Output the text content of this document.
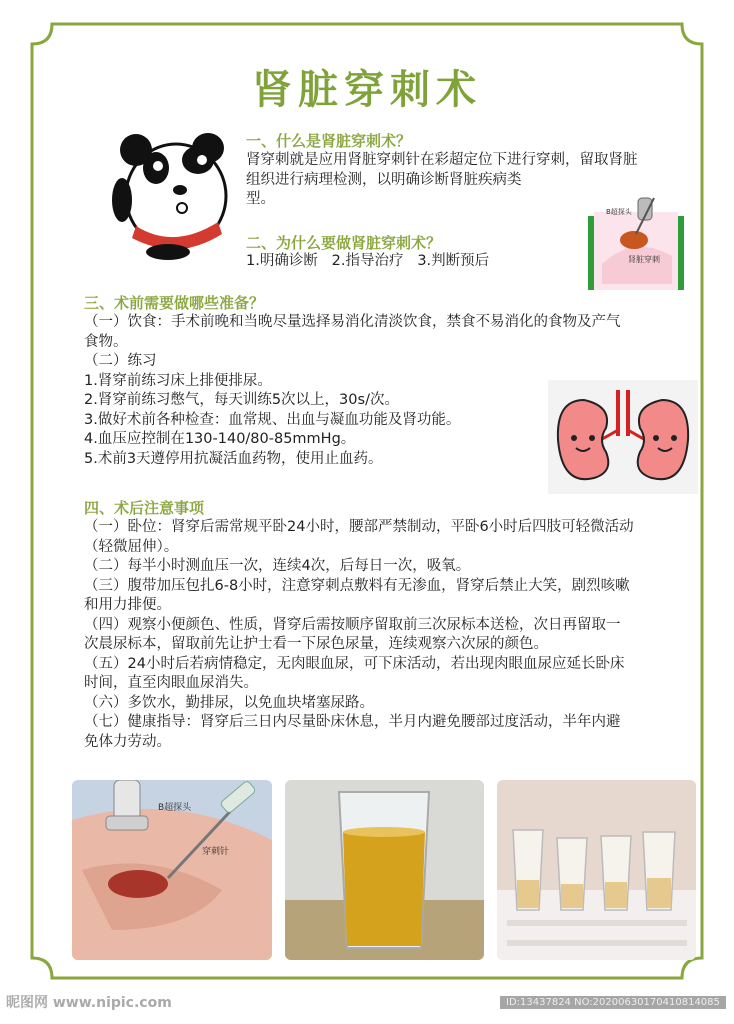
肾脏穿刺术
一、什么是肾脏穿刺术？
肾穿刺就是应用肾脏穿刺针在彩超定位下进行穿刺，留取肾脏
组织进行病理检测，以明确诊断肾脏疾病类
型。
B超探头
肾脏穿刺
二、为什么要做肾脏穿刺术？
1.明确诊断   2.指导治疗   3.判断预后
三、术前需要做哪些准备？
（一）饮食：手术前晚和当晚尽量选择易消化清淡饮食，禁食不易消化的食物及产气
食物。
（二）练习
1.肾穿前练习床上排便排尿。
2.肾穿前练习憋气，每天训练5次以上，30s/次。
3.做好术前各种检查：血常规、出血与凝血功能及肾功能。
4.血压应控制在130-140/80-85mmHg。
5.术前3天遵停用抗凝活血药物，使用止血药。
四、术后注意事项
（一）卧位：肾穿后需常规平卧24小时，腰部严禁制动，平卧6小时后四肢可轻微活动
（轻微屈伸）。
（二）每半小时测血压一次，连续4次，后每日一次，吸氧。
（三）腹带加压包扎6-8小时，注意穿刺点敷料有无渗血，肾穿后禁止大笑，剧烈咳嗽
和用力排便。
（四）观察小便颜色、性质，肾穿后需按顺序留取前三次尿标本送检，次日再留取一
次晨尿标本，留取前先让护士看一下尿色尿量，连续观察六次尿的颜色。
（五）24小时后若病情稳定，无肉眼血尿，可下床活动，若出现肉眼血尿应延长卧床
时间，直至肉眼血尿消失。
（六）多饮水，勤排尿，以免血块堵塞尿路。
（七）健康指导：肾穿后三日内尽量卧床休息，半月内避免腰部过度活动，半年内避
免体力劳动。
B超探头
穿刺针
昵图网 www.nipic.com	ID:13437824 NO:20200630170410814085
